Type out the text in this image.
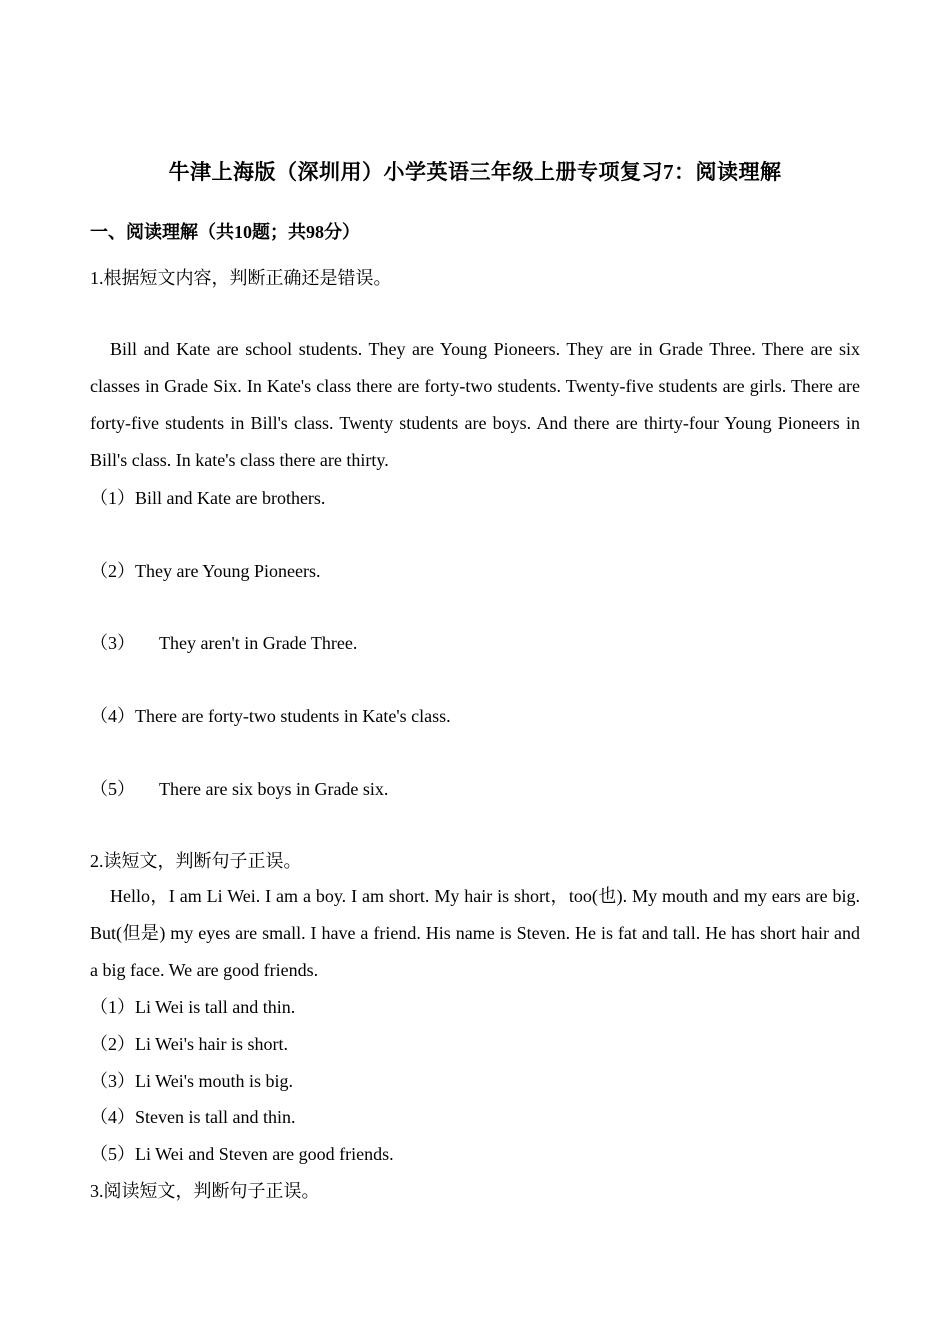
牛津上海版（深圳用）小学英语三年级上册专项复习7：阅读理解
一、阅读理解（共10题；共98分）
1.根据短文内容，判断正确还是错误。

Bill and Kate are school students. They are Young Pioneers. They are in Grade Three. There are six classes in Grade Six. In Kate's class there are forty-two students. Twenty-five students are girls. There are forty-five students in Bill's class. Twenty students are boys. And there are thirty-four Young Pioneers in Bill's class. In kate's class there are thirty.

（1）Bill and Kate are brothers.
（2）They are Young Pioneers.
（3） They aren't in Grade Three.
（4）There are forty-two students in Kate's class.
（5） There are six boys in Grade six.
2.读短文，判断句子正误。

Hello，I am Li Wei. I am a boy. I am short. My hair is short，too(也). My mouth and my ears are big. But(但是) my eyes are small. I have a friend. His name is Steven. He is fat and tall. He has short hair and a big face. We are good friends.

（1）Li Wei is tall and thin.
（2）Li Wei's hair is short.
（3）Li Wei's mouth is big.
（4）Steven is tall and thin.
（5）Li Wei and Steven are good friends.
3.阅读短文，判断句子正误。
